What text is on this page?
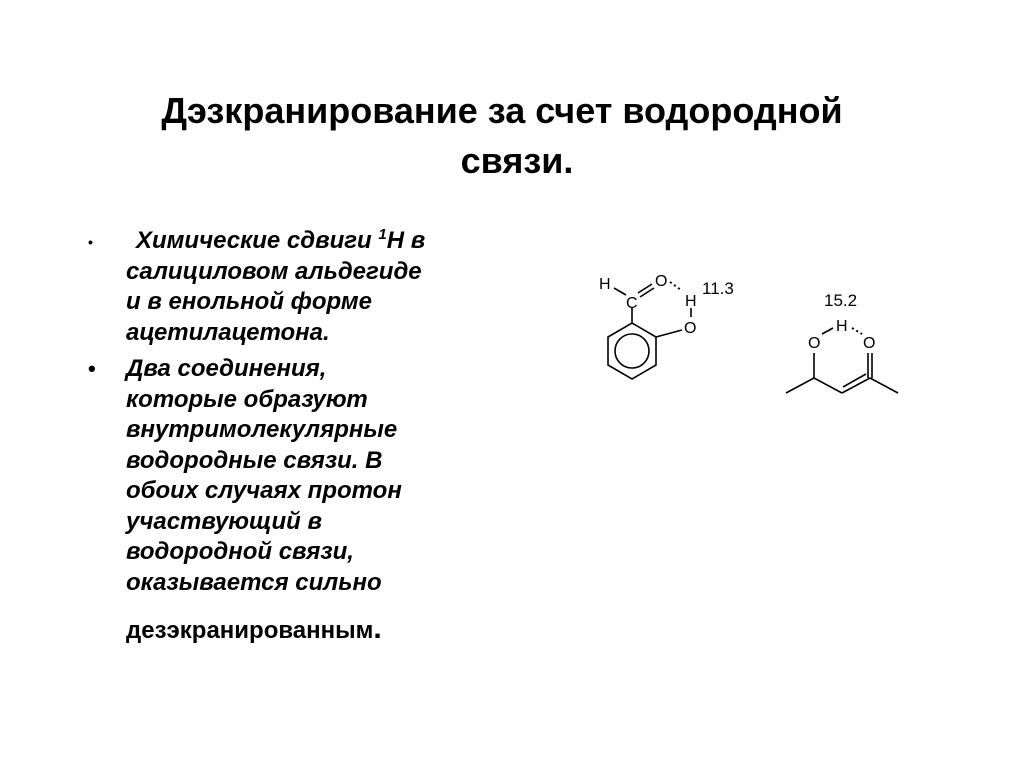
Дэзкранирование за счет водородной
связи.
• Химические сдвиги $^1$H в
салициловом альдегиде
и в енольной форме
ацетилацетона.
• Два соединения,
которые образуют
внутримолекулярные
водородные связи. В
обоих случаях протон
участвующий в
водородной связи,
оказывается сильно
дезэкранированным.
H	O
C	H
O
11.3
O
H
O
15.2
